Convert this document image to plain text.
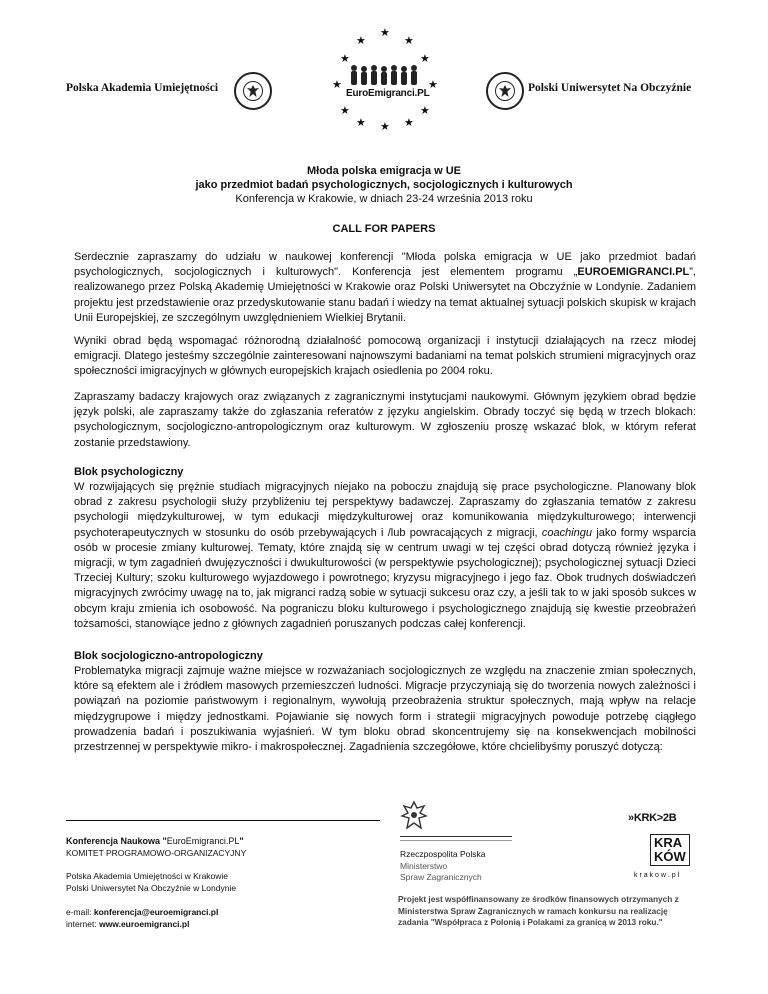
Polska Akademia Umiejętności	Polski Uniwersytet Na Obczyźnie
★
★	★
★	★
★	★
★	★
★	★
★
EuroEmigranci.PL
Młoda polska emigracja w UE
jako przedmiot badań psychologicznych, socjologicznych i kulturowych
Konferencja w Krakowie, w dniach 23-24 września 2013 roku
CALL FOR PAPERS
Serdecznie zapraszamy do udziału w naukowej konferencji "Młoda polska emigracja w UE jako przedmiot badań psychologicznych, socjologicznych i kulturowych". Konferencja jest elementem programu „EUROEMIGRANCI.PL”, realizowanego przez Polską Akademię Umiejętności w Krakowie oraz Polski Uniwersytet na Obczyźnie w Londynie. Zadaniem projektu jest przedstawienie oraz przedyskutowanie stanu badań i wiedzy na temat aktualnej sytuacji polskich skupisk w krajach Unii Europejskiej, ze szczególnym uwzględnieniem Wielkiej Brytanii.
Wyniki obrad będą wspomagać różnorodną działalność pomocową organizacji i instytucji działających na rzecz młodej emigracji. Dlatego jesteśmy szczególnie zainteresowani najnowszymi badaniami na temat polskich strumieni migracyjnych oraz społeczności imigracyjnych w głównych europejskich krajach osiedlenia po 2004 roku.
Zapraszamy badaczy krajowych oraz związanych z zagranicznymi instytucjami naukowymi. Głównym językiem obrad będzie język polski, ale zapraszamy także do zgłaszania referatów z języku angielskim. Obrady toczyć się będą w trzech blokach: psychologicznym, socjologiczno-antropologicznym oraz kulturowym. W zgłoszeniu proszę wskazać blok, w którym referat zostanie przedstawiony.
Blok psychologiczny
W rozwijających się prężnie studiach migracyjnych niejako na poboczu znajdują się prace psychologiczne. Planowany blok obrad z zakresu psychologii służy przybliżeniu tej perspektywy badawczej. Zapraszamy do zgłaszania tematów z zakresu psychologii międzykulturowej, w tym edukacji międzykulturowej oraz komunikowania międzykulturowego; interwencji psychoterapeutycznych w stosunku do osób przebywających i /lub powracających z migracji, coachingu jako formy wsparcia osób w procesie zmiany kulturowej. Tematy, które znajdą się w centrum uwagi w tej części obrad dotyczą również języka i migracji, w tym zagadnień dwujęzyczności i dwukulturowości (w perspektywie psychologicznej); psychologicznej sytuacji Dzieci Trzeciej Kultury; szoku kulturowego wyjazdowego i powrotnego; kryzysu migracyjnego i jego faz. Obok trudnych doświadczeń migracyjnych zwrócimy uwagę na to, jak migranci radzą sobie w sytuacji sukcesu oraz czy, a jeśli tak to w jaki sposób sukces w obcym kraju zmienia ich osobowość. Na pograniczu bloku kulturowego i psychologicznego znajdują się kwestie przeobrażeń tożsamości, stanowiące jedno z głównych zagadnień poruszanych podczas całej konferencji.
Blok socjologiczno-antropologiczny
Problematyka migracji zajmuje ważne miejsce w rozważaniach socjologicznych ze względu na znaczenie zmian społecznych, które są efektem ale i źródłem masowych przemieszczeń ludności. Migracje przyczyniają się do tworzenia nowych zależności i powiązań na poziomie państwowym i regionalnym, wywołują przeobrażenia struktur społecznych, mają wpływ na relacje międzygrupowe i między jednostkami. Pojawianie się nowych form i strategii migracyjnych powoduje potrzebę ciągłego prowadzenia badań i poszukiwania wyjaśnień. W tym bloku obrad skoncentrujemy się na konsekwencjach mobilności przestrzennej w perspektywie mikro- i makrospołecznej. Zagadnienia szczegółowe, które chcielibyśmy poruszyć dotyczą:
Konferencja Naukowa "EuroEmigranci.PL"
KOMITET PROGRAMOWO-ORGANIZACYJNY
Polska Akademia Umiejętności w Krakowie
Polski Uniwersytet Na Obczyźnie w Londynie
e-mail: konferencja@euroemigranci.pl
internet: www.euroemigranci.pl
Rzeczpospolita Polska
Ministerstwo
Spraw Zagranicznych
»KRK>2B
KRA
KÓW
k r a k o w . p l
Projekt jest współfinansowany ze środków finansowych otrzymanych z Ministerstwa Spraw Zagranicznych w ramach konkursu na realizację zadania "Współpraca z Polonią i Polakami za granicą w 2013 roku."
